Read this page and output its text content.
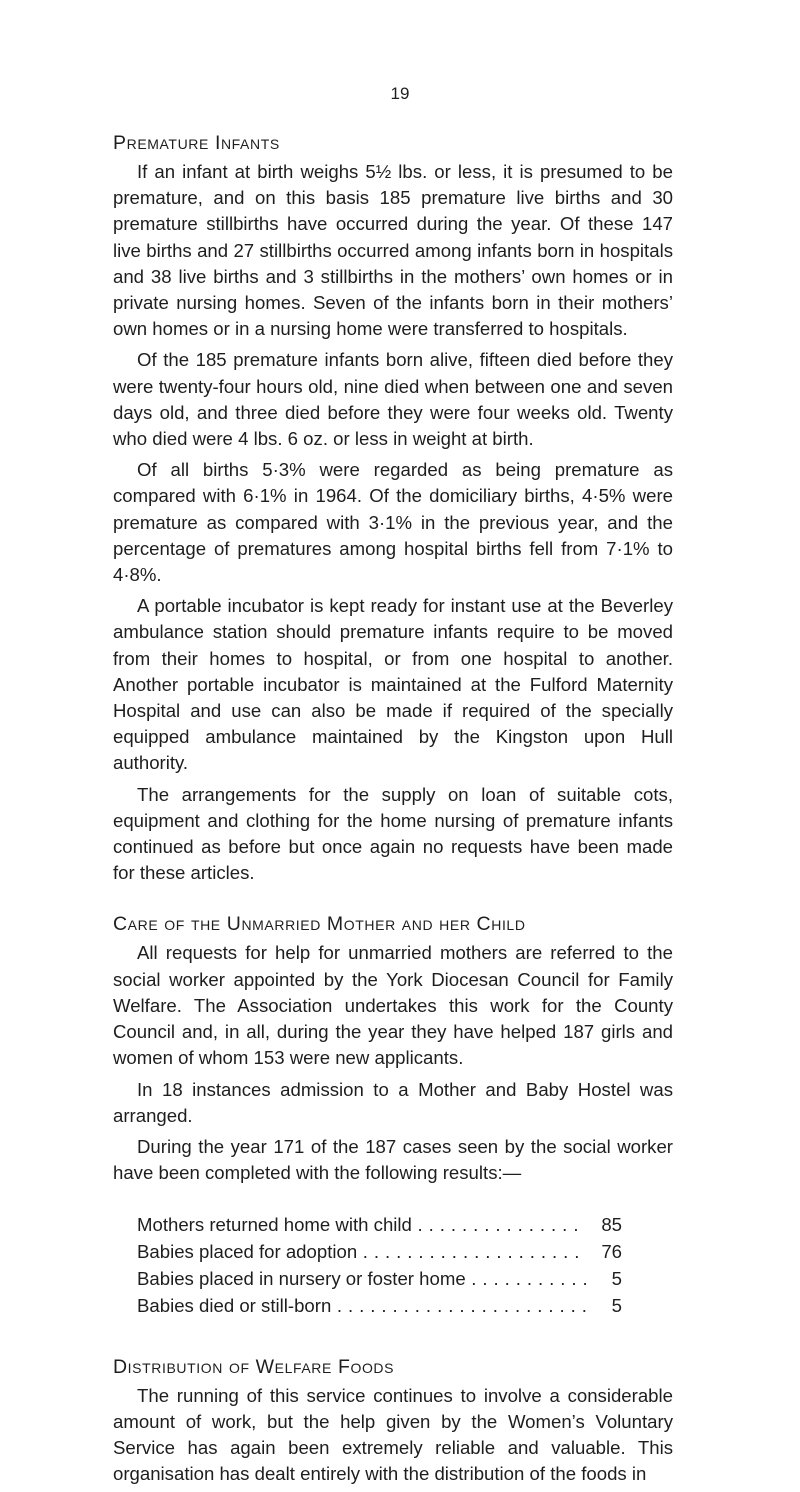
19
Premature Infants

If an infant at birth weighs 5½ lbs. or less, it is presumed to be premature, and on this basis 185 premature live births and 30 premature stillbirths have occurred during the year. Of these 147 live births and 27 stillbirths occurred among infants born in hospitals and 38 live births and 3 stillbirths in the mothers’ own homes or in private nursing homes. Seven of the infants born in their mothers’ own homes or in a nursing home were transferred to hospitals.

Of the 185 premature infants born alive, fifteen died before they were twenty-four hours old, nine died when between one and seven days old, and three died before they were four weeks old. Twenty who died were 4 lbs. 6 oz. or less in weight at birth.

Of all births 5·3% were regarded as being premature as compared with 6·1% in 1964. Of the domiciliary births, 4·5% were premature as compared with 3·1% in the previous year, and the percentage of prematures among hospital births fell from 7·1% to 4·8%.

A portable incubator is kept ready for instant use at the Beverley ambulance station should premature infants require to be moved from their homes to hospital, or from one hospital to another. Another portable incubator is maintained at the Fulford Maternity Hospital and use can also be made if required of the specially equipped ambulance maintained by the Kingston upon Hull authority.

The arrangements for the supply on loan of suitable cots, equipment and clothing for the home nursing of premature infants continued as before but once again no requests have been made for these articles.

Care of the Unmarried Mother and her Child

All requests for help for unmarried mothers are referred to the social worker appointed by the York Diocesan Council for Family Welfare. The Association undertakes this work for the County Council and, in all, during the year they have helped 187 girls and women of whom 153 were new applicants.

In 18 instances admission to a Mother and Baby Hostel was arranged.

During the year 171 of the 187 cases seen by the social worker have been completed with the following results:—

Mothers returned home with child . . .	85
Babies placed for adoption . . .	76
Babies placed in nursery or foster home . . .	5
Babies died or still-born . . .	5
Distribution of Welfare Foods

The running of this service continues to involve a considerable amount of work, but the help given by the Women’s Voluntary Service has again been extremely reliable and valuable. This organisation has dealt entirely with the distribution of the foods in
